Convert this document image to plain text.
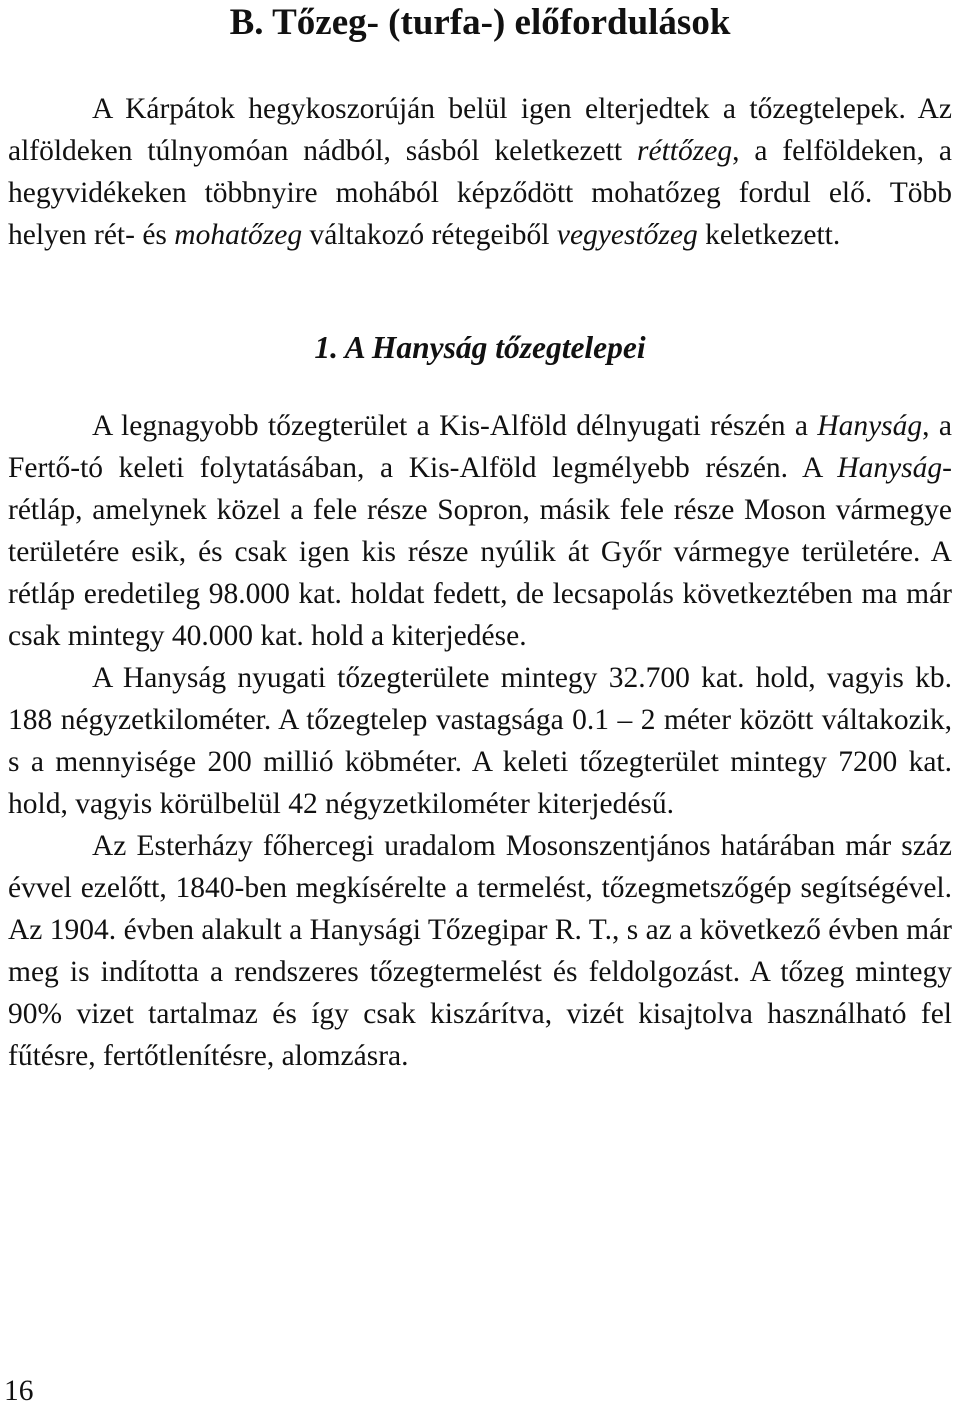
B. Tőzeg- (turfa-) előfordulások

A Kárpátok hegykoszorúján belül igen elterjedtek a tőzegtelepek. Az alföldeken túlnyomóan nádból, sásból keletkezett réttőzeg, a felföldeken, a hegyvidékeken többnyire mohából képződött mohatőzeg fordul elő. Több helyen rét- és mohatőzeg váltakozó rétegeiből vegyestőzeg keletkezett.

1. A Hanyság tőzegtelepei

A legnagyobb tőzegterület a Kis-Alföld délnyugati részén a Hanyság, a Fertő-tó keleti folytatásában, a Kis-Alföld legmélyebb részén. A Hanyság-rétláp, amelynek közel a fele része Sopron, másik fele része Moson vármegye területére esik, és csak igen kis része nyúlik át Győr vármegye területére. A rétláp eredetileg 98.000 kat. holdat fedett, de lecsapolás következtében ma már csak mintegy 40.000 kat. hold a kiterjedése.

A Hanyság nyugati tőzegterülete mintegy 32.700 kat. hold, vagyis kb. 188 négyzetkilométer. A tőzegtelep vastagsága 0.1 – 2 méter között váltakozik, s a mennyisége 200 millió köbméter. A keleti tőzegterület mintegy 7200 kat. hold, vagyis körülbelül 42 négyzetkilométer kiterjedésű.

Az Esterházy főhercegi uradalom Mosonszentjános határában már száz évvel ezelőtt, 1840-ben megkísérelte a termelést, tőzegmetszőgép segítségével. Az 1904. évben alakult a Hanysági Tőzegipar R. T., s az a következő évben már meg is indította a rendszeres tőzegtermelést és feldolgozást. A tőzeg mintegy 90% vizet tartalmaz és így csak kiszárítva, vizét kisajtolva használható fel fűtésre, fertőtlenítésre, alomzásra.

16
